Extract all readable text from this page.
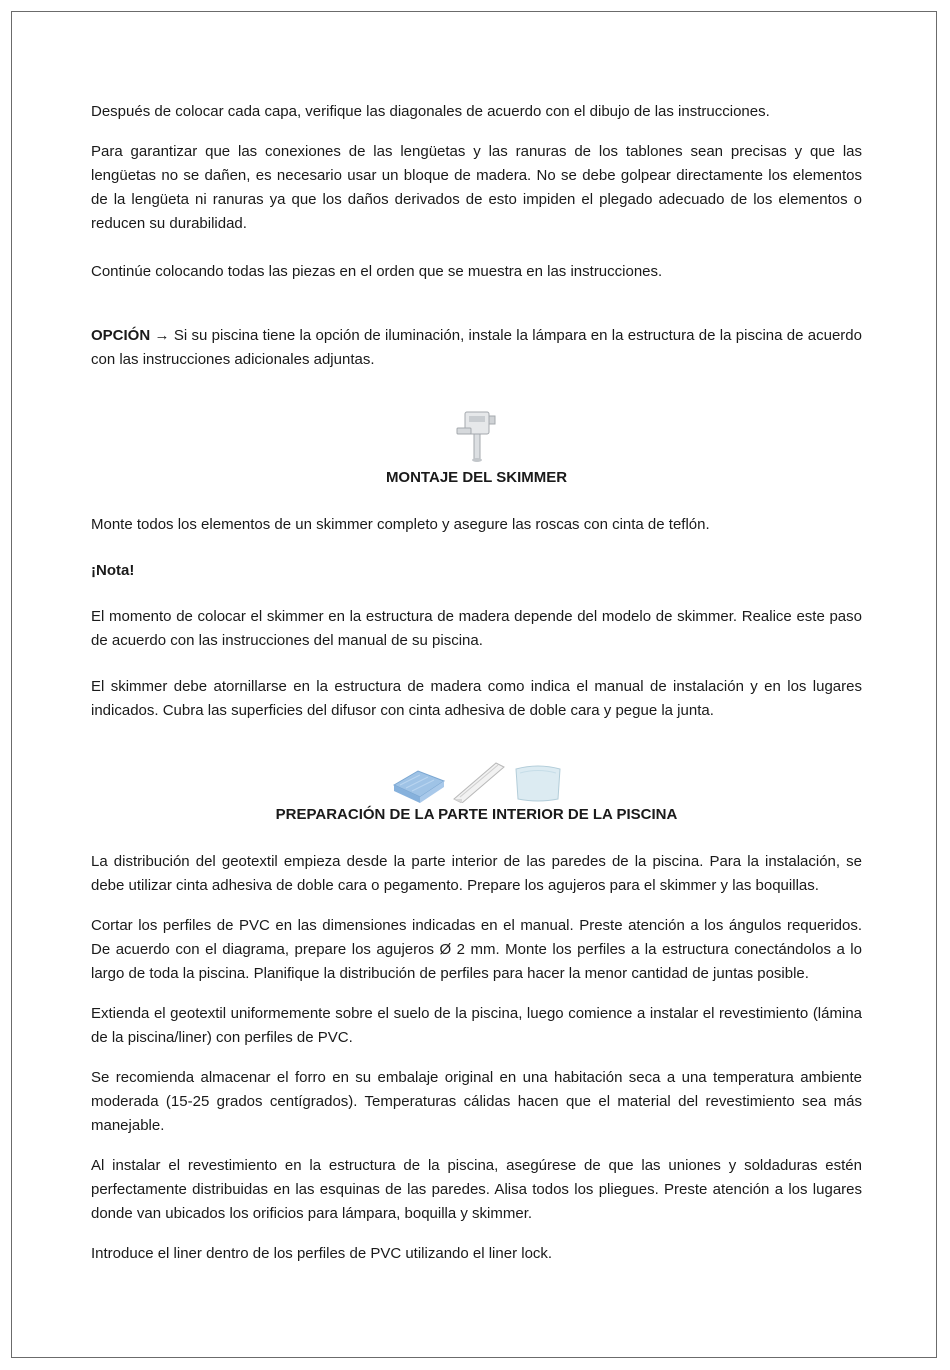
Después de colocar cada capa, verifique las diagonales de acuerdo con el dibujo de las instrucciones.

Para garantizar que las conexiones de las lengüetas y las ranuras de los tablones sean precisas y que las lengüetas no se dañen, es necesario usar un bloque de madera. No se debe golpear directamente los elementos de la lengüeta ni ranuras ya que los daños derivados de esto impiden el plegado adecuado de los elementos o reducen su durabilidad.

Continúe colocando todas las piezas en el orden que se muestra en las instrucciones.

OPCIÓN → Si su piscina tiene la opción de iluminación, instale la lámpara en la estructura de la piscina de acuerdo con las instrucciones adicionales adjuntas.

MONTAJE DEL SKIMMER

Monte todos los elementos de un skimmer completo y asegure las roscas con cinta de teflón.

¡Nota!

El momento de colocar el skimmer en la estructura de madera depende del modelo de skimmer. Realice este paso de acuerdo con las instrucciones del manual de su piscina.

El skimmer debe atornillarse en la estructura de madera como indica el manual de instalación y en los lugares indicados. Cubra las superficies del difusor con cinta adhesiva de doble cara y pegue la junta.

PREPARACIÓN DE LA PARTE INTERIOR DE LA PISCINA

La distribución del geotextil empieza desde la parte interior de las paredes de la piscina. Para la instalación, se debe utilizar cinta adhesiva de doble cara o pegamento. Prepare los agujeros para el skimmer y las boquillas.

Cortar los perfiles de PVC en las dimensiones indicadas en el manual. Preste atención a los ángulos requeridos. De acuerdo con el diagrama, prepare los agujeros Ø 2 mm. Monte los perfiles a la estructura conectándolos a lo largo de toda la piscina. Planifique la distribución de perfiles para hacer la menor cantidad de juntas posible.

Extienda el geotextil uniformemente sobre el suelo de la piscina, luego comience a instalar el revestimiento (lámina de la piscina/liner) con perfiles de PVC.

Se recomienda almacenar el forro en su embalaje original en una habitación seca a una temperatura ambiente moderada (15-25 grados centígrados). Temperaturas cálidas hacen que el material del revestimiento sea más manejable.

Al instalar el revestimiento en la estructura de la piscina, asegúrese de que las uniones y soldaduras estén perfectamente distribuidas en las esquinas de las paredes. Alisa todos los pliegues. Preste atención a los lugares donde van ubicados los orificios para lámpara, boquilla y skimmer.

Introduce el liner dentro de los perfiles de PVC utilizando el liner lock.
